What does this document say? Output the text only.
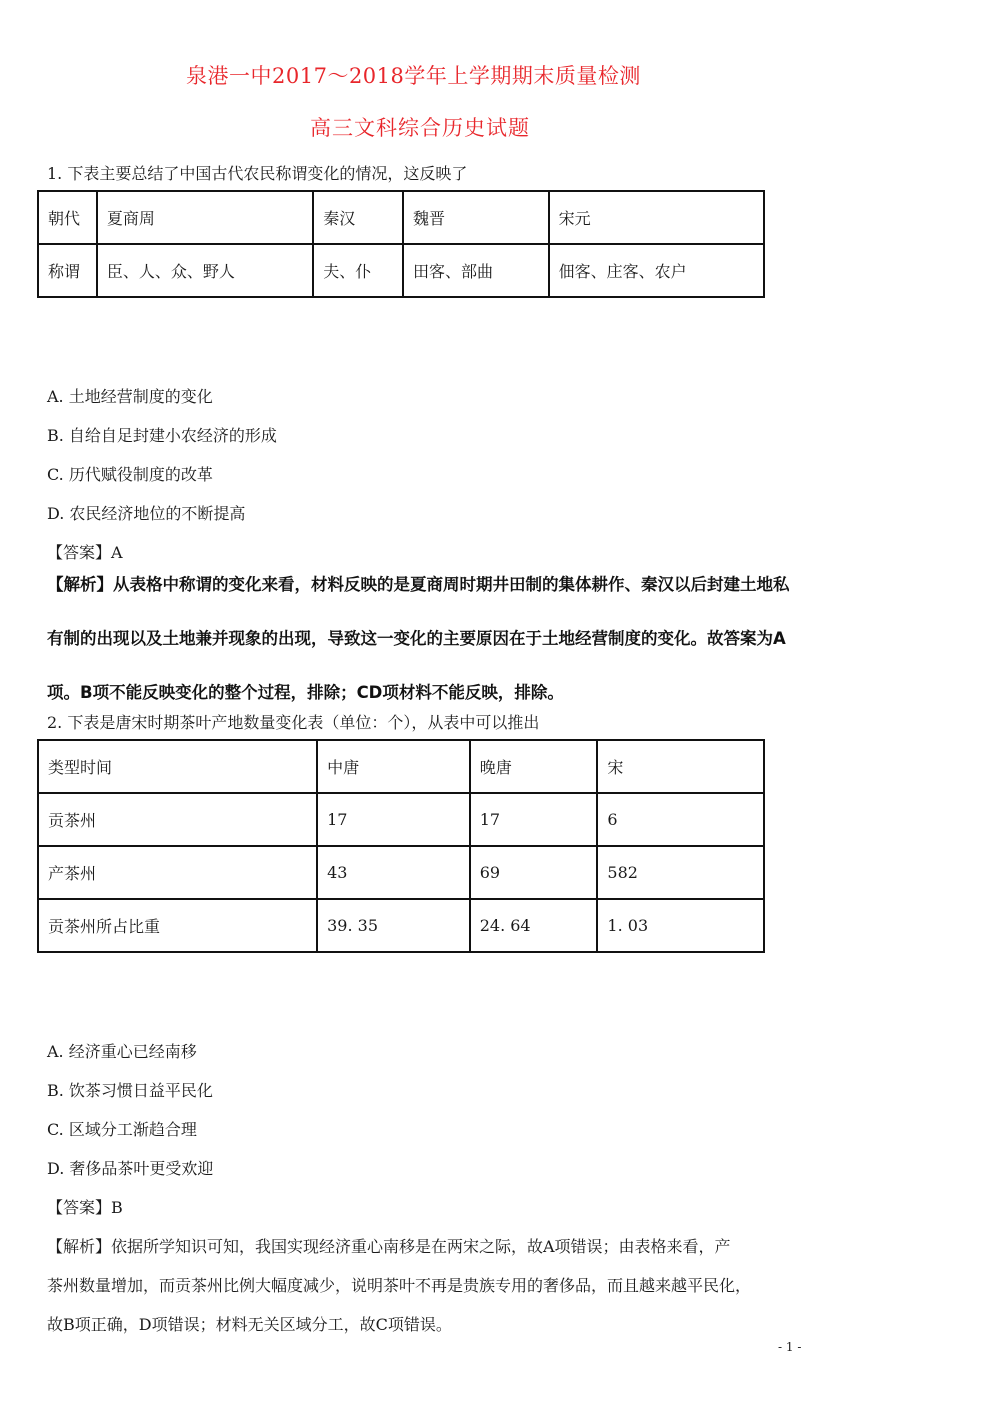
泉港一中2017～2018学年上学期期末质量检测
高三文科综合历史试题
1. 下表主要总结了中国古代农民称谓变化的情况，这反映了
朝代	夏商周	秦汉	魏晋	宋元
称谓	臣、人、众、野人	夫、仆	田客、部曲	佃客、庄客、农户
A. 土地经营制度的变化
B. 自给自足封建小农经济的形成
C. 历代赋役制度的改革
D. 农民经济地位的不断提高
【答案】A
【解析】从表格中称谓的变化来看，材料反映的是夏商周时期井田制的集体耕作、秦汉以后封建土地私
有制的出现以及土地兼并现象的出现，导致这一变化的主要原因在于土地经营制度的变化。故答案为A
项。B项不能反映变化的整个过程，排除；CD项材料不能反映，排除。
2. 下表是唐宋时期茶叶产地数量变化表（单位：个），从表中可以推出
类型时间	中唐	晚唐	宋
贡茶州	17	17	6
产茶州	43	69	582
贡茶州所占比重	39. 35	24. 64	1. 03
A. 经济重心已经南移
B. 饮茶习惯日益平民化
C. 区域分工渐趋合理
D. 奢侈品茶叶更受欢迎
【答案】B
【解析】依据所学知识可知，我国实现经济重心南移是在两宋之际，故A项错误；由表格来看，产
茶州数量增加，而贡茶州比例大幅度减少，说明茶叶不再是贵族专用的奢侈品，而且越来越平民化，
故B项正确，D项错误；材料无关区域分工，故C项错误。
- 1 -
